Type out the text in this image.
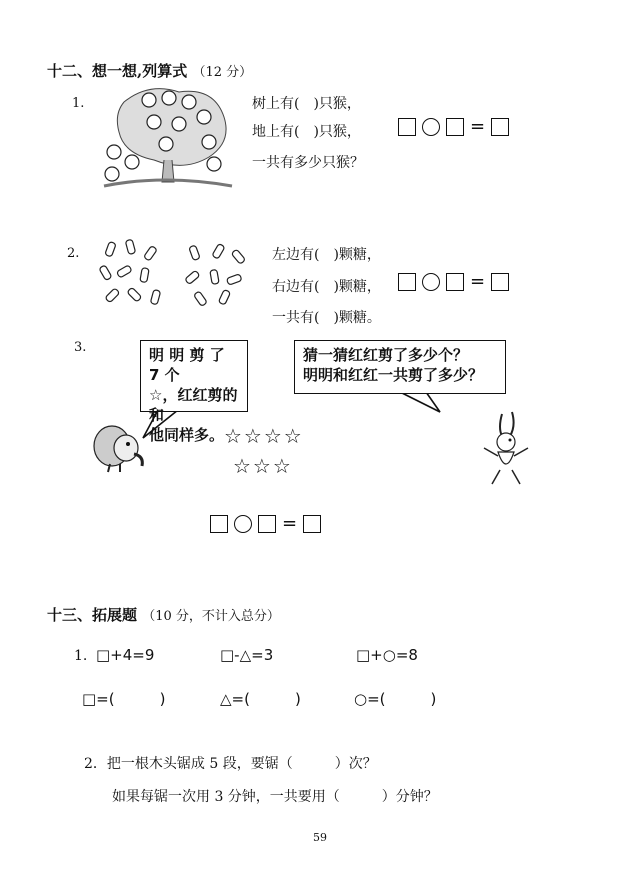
十二、想一想,列算式 （12 分）
1.	树上有(　)只猴，
地上有(　)只猴，
一共有多少只猴？
=
2.	左边有(　)颗糖，
右边有(　)颗糖，
一共有(　)颗糖。
=
3.	明 明 剪 了 7 个
☆，红红剪的和
他同样多。
猜一猜红红剪了多少个？
明明和红红一共剪了多少？
☆☆☆☆
☆☆☆
=
十三、拓展题 （10 分，不计入总分）
1. □+4=9	□-△=3	□+○=8
□=(　　　)	△=(　　　)	○=(　　　)
2．把一根木头锯成 5 段，要锯（　　　）次？
如果每锯一次用 3 分钟，一共要用（　　　）分钟？
59
